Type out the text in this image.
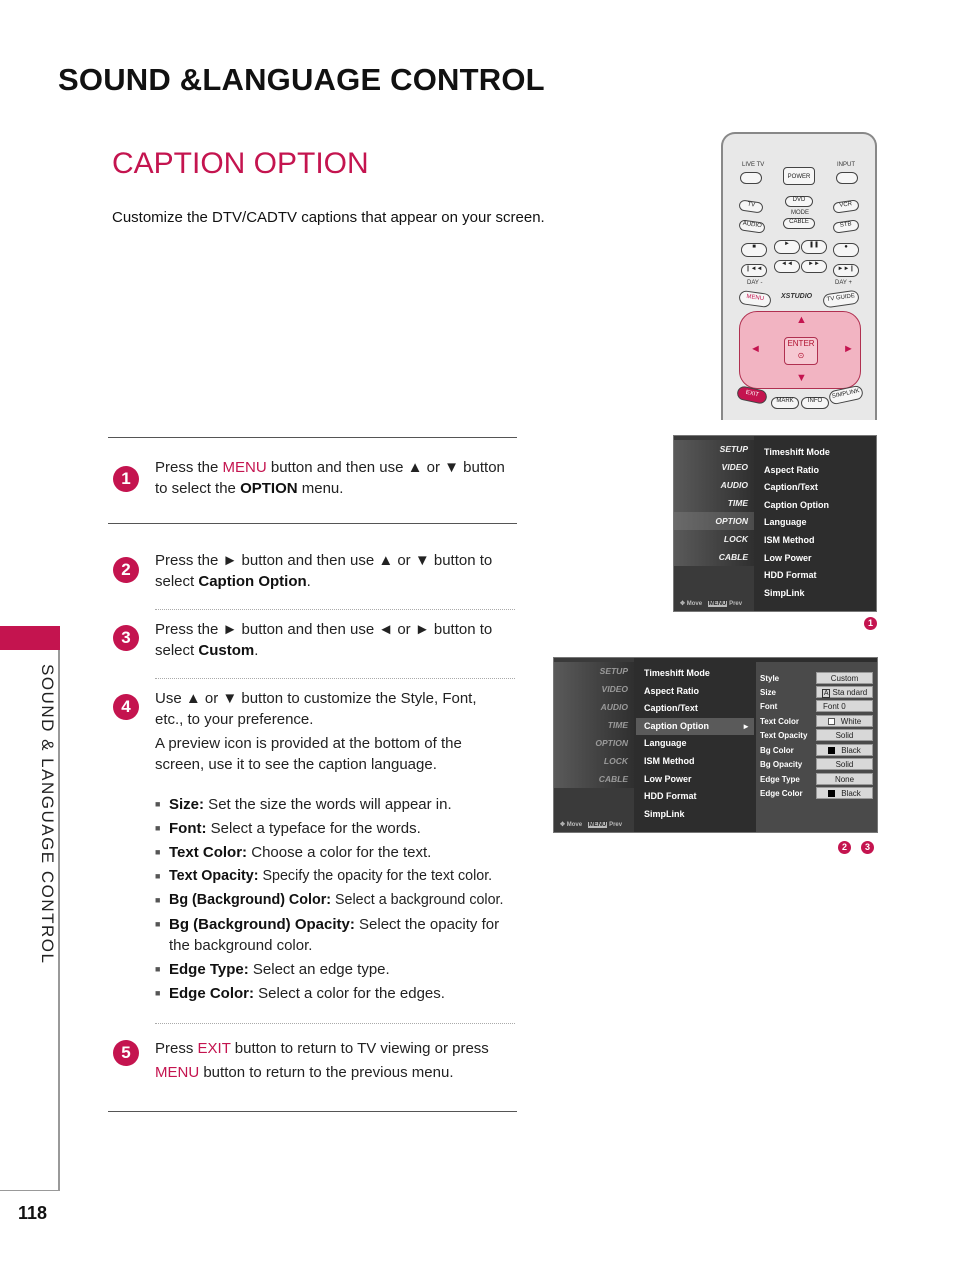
SOUND &LANGUAGE CONTROL
CAPTION OPTION
Customize the DTV/CADTV captions that appear on your screen.
SOUND & LANGUAGE CONTROL
118
LIVE TV	INPUT
POWER
TV
DVD
VCR
MODE
AUDIO	CABLE	STB
■	►	❚❚	●
❙◄◄
◄◄	►►
►►❙
DAY -	DAY +
MENU	XSTUDIO	TV GUIDE
▲
▼
◄	►
ENTER
⊙
EXIT
MARK	INFO
SIMPLINK
1
Press the MENU button and then use ▲ or ▼ button to select the OPTION menu.
2	Press the ► button and then use ▲ or ▼ button to select Caption Option.
3	Press the ► button and then use ◄ or ► button to select Custom.
4	Use ▲ or ▼ button to customize the Style, Font, etc., to your preference.
A preview icon is provided at the bottom of the screen, use it to see the caption language.
■ Size: Set the size the words will appear in.
■ Font: Select a typeface for the words.
■ Text Color: Choose a color for the text.
■ Text Opacity: Specify the opacity for the text color.
■ Bg (Background) Color: Select a background color.
■ Bg (Background) Opacity: Select the opacity for the background color.
■ Edge Type: Select an edge type.
■ Edge Color: Select a color for the edges.
5	Press EXIT button to return to TV viewing or press MENU button to return to the previous menu.
SETUP
VIDEO
AUDIO
TIME
OPTION
LOCK
CABLE
✥ Move MENU Prev
Timeshift Mode
Aspect Ratio
Caption/Text
Caption Option
Language
ISM Method
Low Power
HDD Format
SimpLink
1
SETUP
VIDEO
AUDIO
TIME
OPTION
LOCK
CABLE
✥ Move MENU Prev
Timeshift Mode
Aspect Ratio
Caption/Text
Caption Option	►
Language
ISM Method
Low Power
HDD Format
SimpLink
Style	Custom
Size	A Sta ndard
Font	Font 0
Text Color	White
Text Opacity	Solid
Bg Color	Black
Bg Opacity	Solid
Edge Type	None
Edge Color	Black
2	3
